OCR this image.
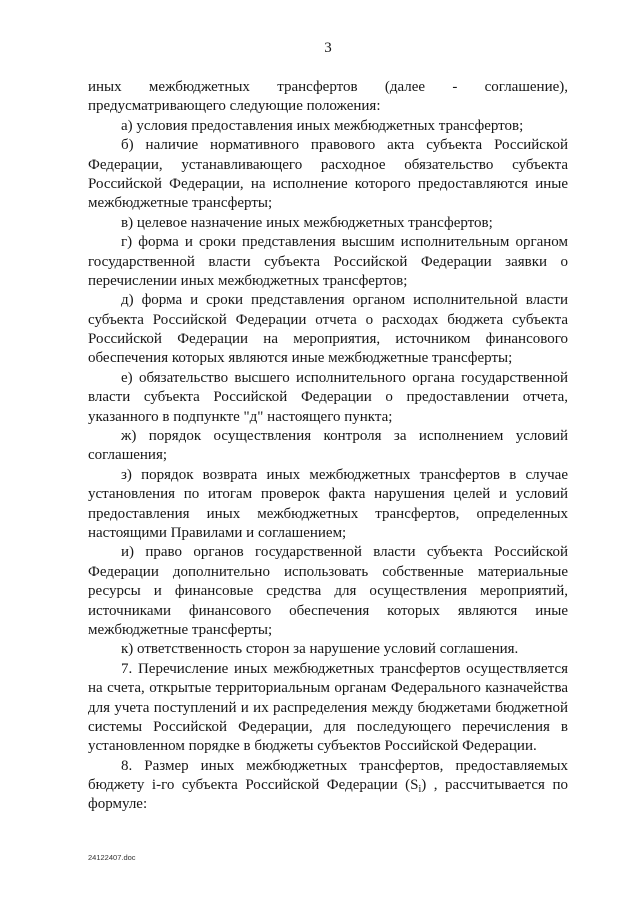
3
иных межбюджетных трансфертов (далее - соглашение),
предусматривающего следующие положения:
а) условия предоставления иных межбюджетных трансфертов;
б) наличие нормативного правового акта субъекта Российской
Федерации, устанавливающего расходное обязательство субъекта
Российской Федерации, на исполнение которого предоставляются иные
межбюджетные трансферты;
в) целевое назначение иных межбюджетных трансфертов;
г) форма и сроки представления высшим исполнительным органом
государственной власти субъекта Российской Федерации заявки о
перечислении иных межбюджетных трансфертов;
д) форма и сроки представления органом исполнительной власти
субъекта Российской Федерации отчета о расходах бюджета субъекта
Российской Федерации на мероприятия, источником финансового
обеспечения которых являются иные межбюджетные трансферты;
е) обязательство высшего исполнительного органа государственной
власти субъекта Российской Федерации о предоставлении отчета,
указанного в подпункте "д" настоящего пункта;
ж) порядок осуществления контроля за исполнением условий
соглашения;
з) порядок возврата иных межбюджетных трансфертов в случае
установления по итогам проверок факта нарушения целей и условий
предоставления иных межбюджетных трансфертов, определенных
настоящими Правилами и соглашением;
и) право органов государственной власти субъекта Российской
Федерации дополнительно использовать собственные материальные
ресурсы и финансовые средства для осуществления мероприятий,
источниками финансового обеспечения которых являются иные
межбюджетные трансферты;
к) ответственность сторон за нарушение условий соглашения.
7. Перечисление иных межбюджетных трансфертов осуществляется
на счета, открытые территориальным органам Федерального казначейства
для учета поступлений и их распределения между бюджетами бюджетной
системы Российской Федерации, для последующего перечисления в
установленном порядке в бюджеты субъектов Российской Федерации.
8. Размер иных межбюджетных трансфертов, предоставляемых
бюджету i-го субъекта Российской Федерации $(S_i)$ , рассчитывается по
формуле:
24122407.doc
